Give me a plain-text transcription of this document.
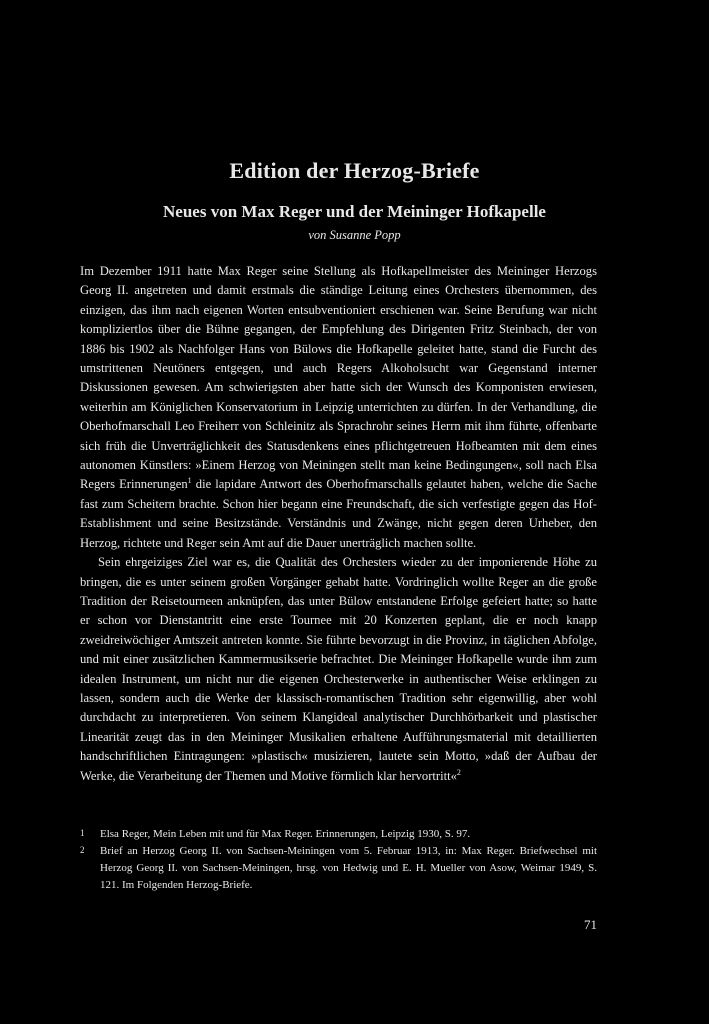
Edition der Herzog-Briefe
Neues von Max Reger und der Meininger Hofkapelle
von Susanne Popp

Im Dezember 1911 hatte Max Reger seine Stellung als Hofkapellmeister des Meininger Herzogs Georg II. angetreten und damit erstmals die ständige Leitung eines Orchesters übernommen, des einzigen, das ihm nach eigenen Worten entsubventioniert erschienen war. Seine Berufung war nicht kompliziertlos über die Bühne gegangen, der Empfehlung des Dirigenten Fritz Steinbach, der von 1886 bis 1902 als Nachfolger Hans von Bülows die Hofkapelle geleitet hatte, stand die Furcht des umstrittenen Neutöners entgegen, und auch Regers Alkoholsucht war Gegenstand interner Diskussionen gewesen. Am schwierigsten aber hatte sich der Wunsch des Komponisten erwiesen, weiterhin am Königlichen Konservatorium in Leipzig unterrichten zu dürfen. In der Verhandlung, die Oberhofmarschall Leo Freiherr von Schleinitz als Sprachrohr seines Herrn mit ihm führte, offenbarte sich früh die Unverträglichkeit des Statusdenkens eines pflichtgetreuen Hofbeamten mit dem eines autonomen Künstlers: »Einem Herzog von Meiningen stellt man keine Bedingungen«, soll nach Elsa Regers Erinnerungen$^1$ die lapidare Antwort des Oberhofmarschalls gelautet haben, welche die Sache fast zum Scheitern brachte. Schon hier begann eine Freundschaft, die sich verfestigte gegen das Hof-Establishment und seine Besitzstände. Verständnis und Zwänge, nicht gegen deren Urheber, den Herzog, richtete und Reger sein Amt auf die Dauer unerträglich machen sollte.

Sein ehrgeiziges Ziel war es, die Qualität des Orchesters wieder zu der imponierende Höhe zu bringen, die es unter seinem großen Vorgänger gehabt hatte. Vordringlich wollte Reger an die große Tradition der Reisetourneen anknüpfen, das unter Bülow entstandene Erfolge gefeiert hatte; so hatte er schon vor Dienstantritt eine erste Tournee mit 20 Konzerten geplant, die er noch knapp zweidreiwöchiger Amtszeit antreten konnte. Sie führte bevorzugt in die Provinz, in täglichen Abfolge, und mit einer zusätzlichen Kammermusikserie befrachtet. Die Meininger Hofkapelle wurde ihm zum idealen Instrument, um nicht nur die eigenen Orchesterwerke in authentischer Weise erklingen zu lassen, sondern auch die Werke der klassisch-romantischen Tradition sehr eigenwillig, aber wohl durchdacht zu interpretieren. Von seinem Klangideal analytischer Durchhörbarkeit und plastischer Linearität zeugt das in den Meininger Musikalien erhaltene Aufführungsmaterial mit detaillierten handschriftlichen Eintragungen: »plastisch« musizieren, lautete sein Motto, »daß der Aufbau der Werke, die Verarbeitung der Themen und Motive förmlich klar hervortritt«$^2$

1	Elsa Reger, Mein Leben mit und für Max Reger. Erinnerungen, Leipzig 1930, S. 97.
2	Brief an Herzog Georg II. von Sachsen-Meiningen vom 5. Februar 1913, in: Max Reger. Briefwechsel mit Herzog Georg II. von Sachsen-Meiningen, hrsg. von Hedwig und E. H. Mueller von Asow, Weimar 1949, S. 121. Im Folgenden Herzog-Briefe.
71
